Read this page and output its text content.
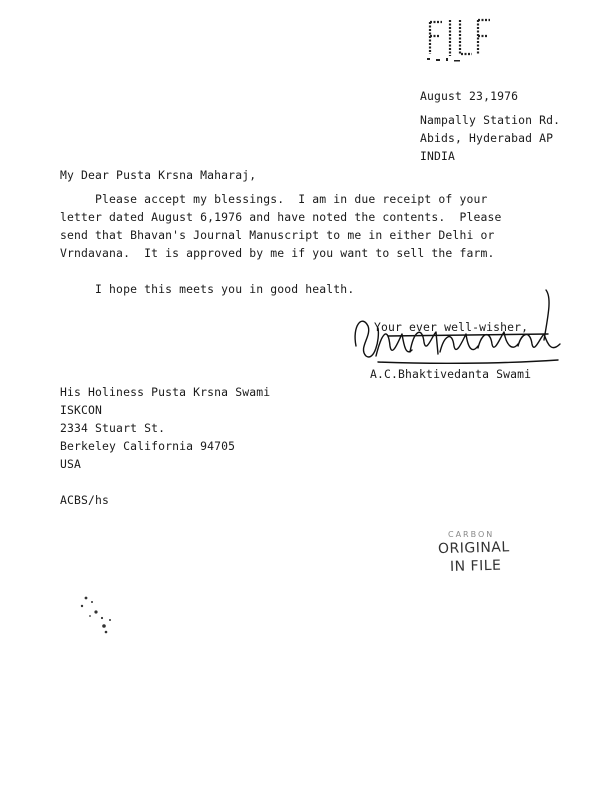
August 23,1976
Nampally Station Rd.
Abids, Hyderabad AP
INDIA
My Dear Pusta Krsna Maharaj,
Please accept my blessings.  I am in due receipt of your
letter dated August 6,1976 and have noted the contents.  Please
send that Bhavan's Journal Manuscript to me in either Delhi or
Vrndavana.  It is approved by me if you want to sell the farm.
I hope this meets you in good health.
Your ever well-wisher,
A.C.Bhaktivedanta Swami
His Holiness Pusta Krsna Swami
ISKCON
2334 Stuart St.
Berkeley California 94705
USA
ACBS/hs
CARBON
ORIGINAL
IN FILE
